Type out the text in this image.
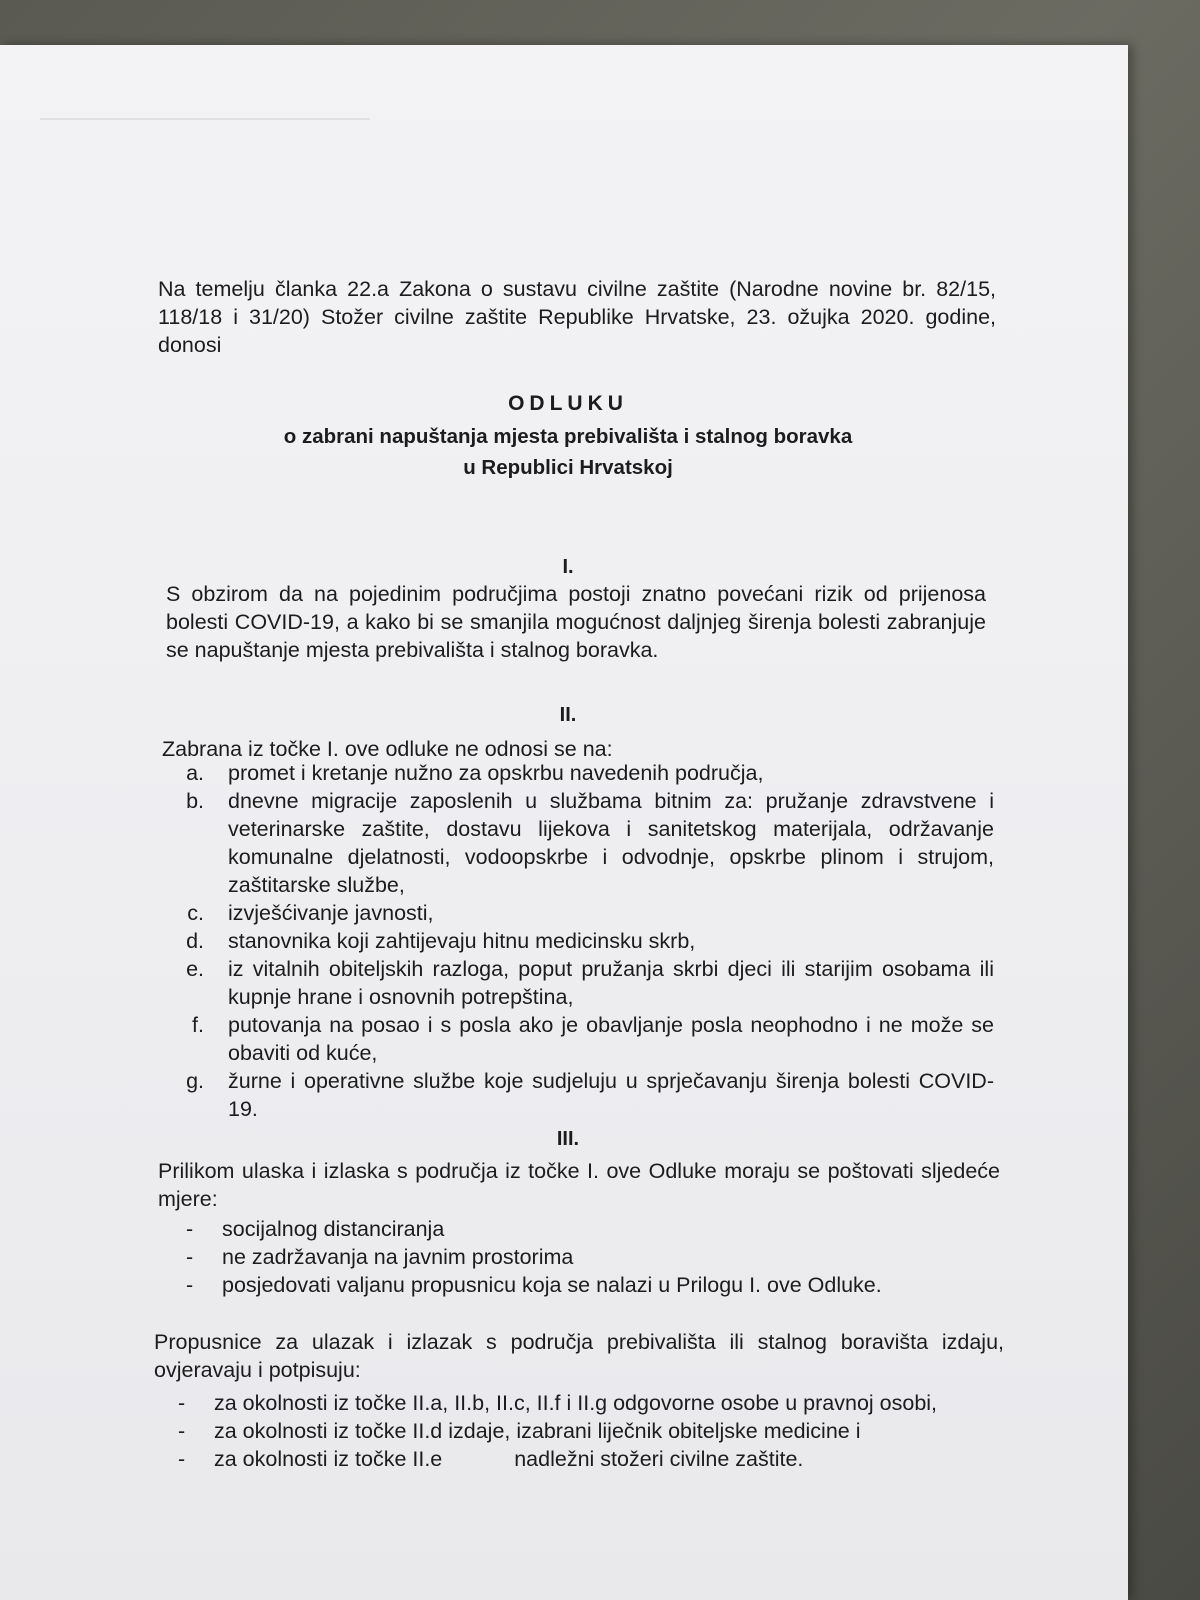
Na temelju članka 22.a Zakona o sustavu civilne zaštite (Narodne novine br. 82/15, 118/18 i 31/20) Stožer civilne zaštite Republike Hrvatske, 23. ožujka 2020. godine, donosi

ODLUKU
o zabrani napuštanja mjesta prebivališta i stalnog boravka
u Republici Hrvatskoj
I.

S obzirom da na pojedinim područjima postoji znatno povećani rizik od prijenosa bolesti COVID-19, a kako bi se smanjila mogućnost daljnjeg širenja bolesti zabranjuje se napuštanje mjesta prebivališta i stalnog boravka.

II.
Zabrana iz točke I. ove odluke ne odnosi se na:
a. promet i kretanje nužno za opskrbu navedenih područja,
b. dnevne migracije zaposlenih u službama bitnim za: pružanje zdravstvene i veterinarske zaštite, dostavu lijekova i sanitetskog materijala, održavanje komunalne djelatnosti, vodoopskrbe i odvodnje, opskrbe plinom i strujom, zaštitarske službe,
c. izvješćivanje javnosti,
d. stanovnika koji zahtijevaju hitnu medicinsku skrb,
e. iz vitalnih obiteljskih razloga, poput pružanja skrbi djeci ili starijim osobama ili kupnje hrane i osnovnih potrepština,
f. putovanja na posao i s posla ako je obavljanje posla neophodno i ne može se obaviti od kuće,
g. žurne i operativne službe koje sudjeluju u sprječavanju širenja bolesti COVID-19.
III.

Prilikom ulaska i izlaska s područja iz točke I. ove Odluke moraju se poštovati sljedeće mjere:

- socijalnog distanciranja
- ne zadržavanja na javnim prostorima
- posjedovati valjanu propusnicu koja se nalazi u Prilogu I. ove Odluke.

Propusnice za ulazak i izlazak s područja prebivališta ili stalnog boravišta izdaju, ovjeravaju i potpisuju:

- za okolnosti iz točke II.a, II.b, II.c, II.f i II.g odgovorne osobe u pravnoj osobi,
- za okolnosti iz točke II.d izdaje, izabrani liječnik obiteljske medicine i
- za okolnosti iz točke II.e	nadležni stožeri civilne zaštite.
